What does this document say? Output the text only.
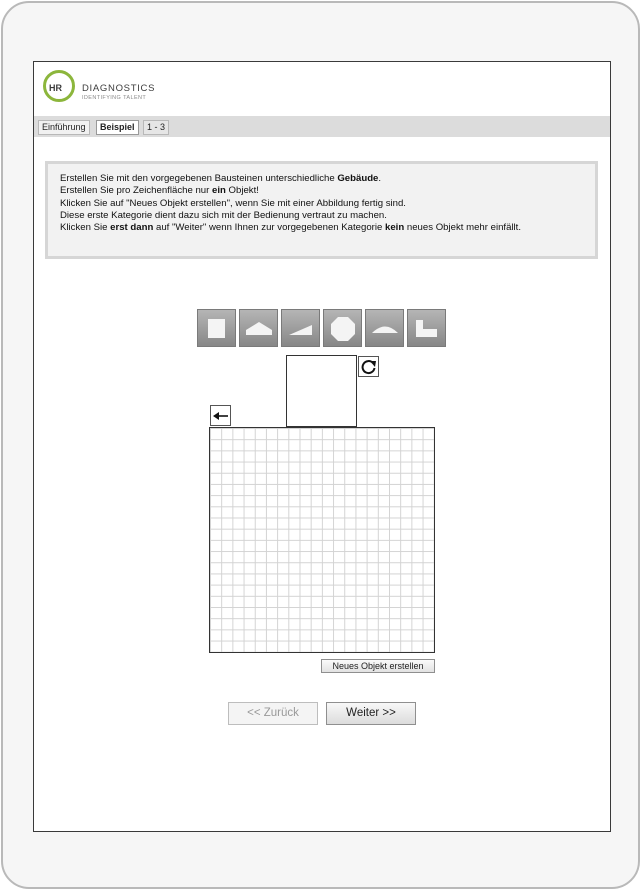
HR DIAGNOSTICS
IDENTIFYING TALENT
Einführung	Beispiel	1 - 3

Erstellen Sie mit den vorgegebenen Bausteinen unterschiedliche Gebäude.

Erstellen Sie pro Zeichenfläche nur ein Objekt!

Klicken Sie auf "Neues Objekt erstellen", wenn Sie mit einer Abbildung fertig sind.

Diese erste Kategorie dient dazu sich mit der Bedienung vertraut zu machen.

Klicken Sie erst dann auf "Weiter" wenn Ihnen zur vorgegebenen Kategorie kein neues Objekt mehr einfällt.

Neues Objekt erstellen
<< Zurück	Weiter >>
